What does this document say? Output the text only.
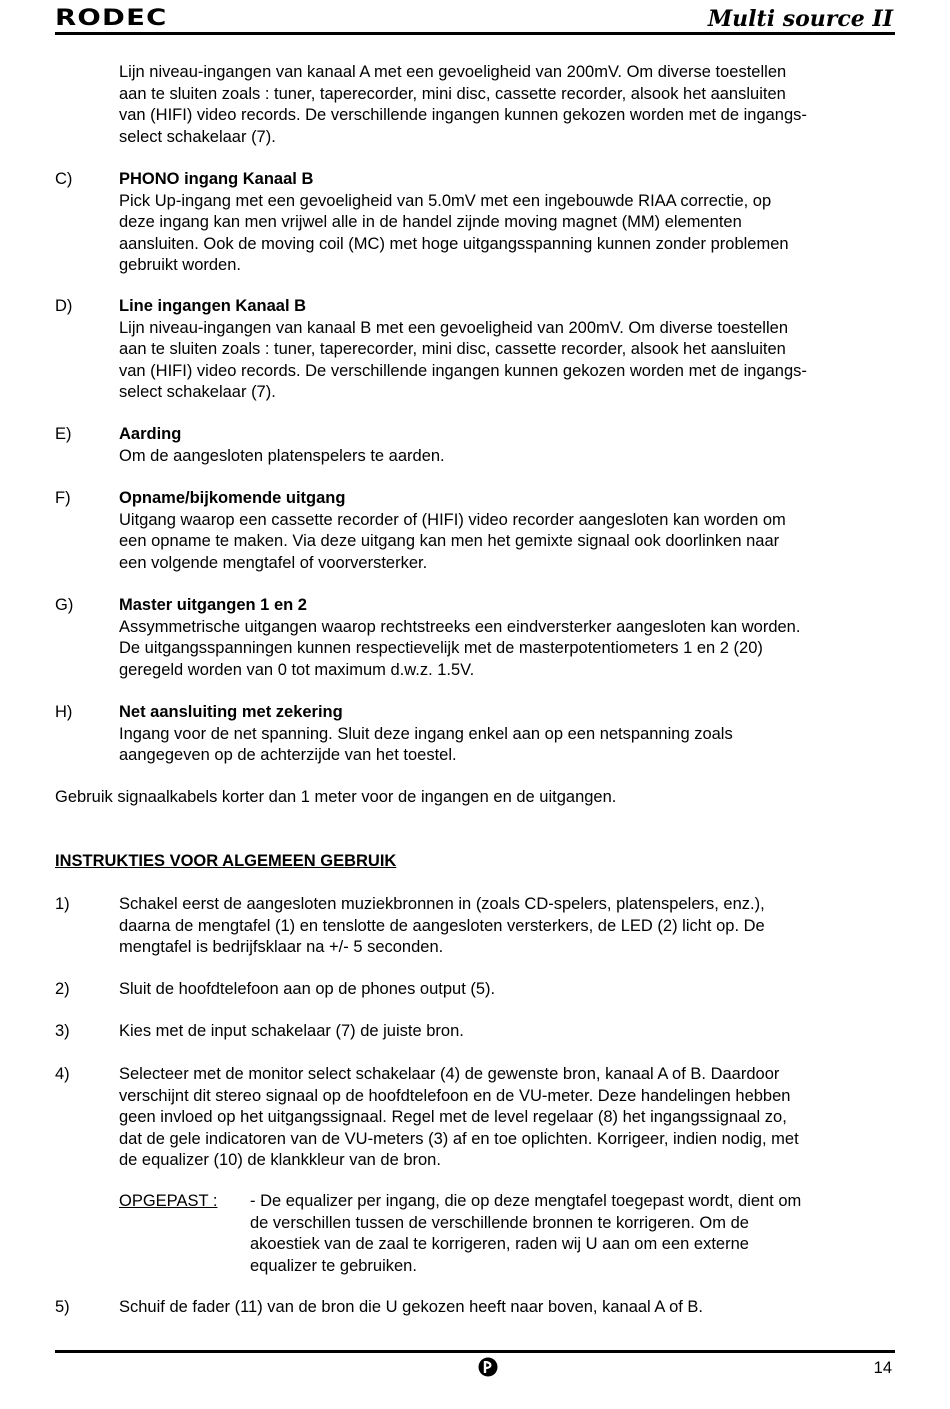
RODEC	Multi source II
Lijn niveau-ingangen van kanaal A met een gevoeligheid van 200mV. Om diverse toestellen
aan te sluiten zoals : tuner, taperecorder, mini disc, cassette recorder, alsook het aansluiten
van (HIFI) video records. De verschillende ingangen kunnen gekozen worden met de ingangs-
select schakelaar (7).
C)	PHONO ingang Kanaal B
Pick Up-ingang met een gevoeligheid van 5.0mV met een ingebouwde RIAA correctie, op
deze ingang kan men vrijwel alle in de handel zijnde moving magnet (MM) elementen
aansluiten. Ook de moving coil (MC) met hoge uitgangsspanning kunnen zonder problemen
gebruikt worden.
D)	Line ingangen Kanaal B
Lijn niveau-ingangen van kanaal B met een gevoeligheid van 200mV. Om diverse toestellen
aan te sluiten zoals : tuner, taperecorder, mini disc, cassette recorder, alsook het aansluiten
van (HIFI) video records. De verschillende ingangen kunnen gekozen worden met de ingangs-
select schakelaar (7).
E)	Aarding
Om de aangesloten platenspelers te aarden.
F)	Opname/bijkomende uitgang
Uitgang waarop een cassette recorder of (HIFI) video recorder aangesloten kan worden om
een opname te maken. Via deze uitgang kan men het gemixte signaal ook doorlinken naar
een volgende mengtafel of voorversterker.
G)	Master uitgangen 1 en 2
Assymmetrische uitgangen waarop rechtstreeks een eindversterker aangesloten kan worden.
De uitgangsspanningen kunnen respectievelijk met de masterpotentiometers 1 en 2 (20)
geregeld worden van 0 tot maximum d.w.z. 1.5V.
H)	Net aansluiting met zekering
Ingang voor de net spanning. Sluit deze ingang enkel aan op een netspanning zoals
aangegeven op de achterzijde van het toestel.
Gebruik signaalkabels korter dan 1 meter voor de ingangen en de uitgangen.
INSTRUKTIES VOOR ALGEMEEN GEBRUIK
1)	Schakel eerst de aangesloten muziekbronnen in (zoals CD-spelers, platenspelers, enz.),
daarna de mengtafel (1) en tenslotte de aangesloten versterkers, de LED (2) licht op. De
mengtafel is bedrijfsklaar na +/- 5 seconden.
2)	Sluit de hoofdtelefoon aan op de phones output (5).
3)	Kies met de input schakelaar (7) de juiste bron.
4)	Selecteer met de monitor select schakelaar (4) de gewenste bron, kanaal A of B. Daardoor
verschijnt dit stereo signaal op de hoofdtelefoon en de VU-meter. Deze handelingen hebben
geen invloed op het uitgangssignaal. Regel met de level regelaar (8) het ingangssignaal zo,
dat de gele indicatoren van de VU-meters (3) af en toe oplichten. Korrigeer, indien nodig, met
de equalizer (10) de klankkleur van de bron.
OPGEPAST : - De equalizer per ingang, die op deze mengtafel toegepast wordt, dient om
de verschillen tussen de verschillende bronnen te korrigeren. Om de
akoestiek van de zaal te korrigeren, raden wij U aan om een externe
equalizer te gebruiken.
5)	Schuif de fader (11) van de bron die U gekozen heeft naar boven, kanaal A of B.
14
